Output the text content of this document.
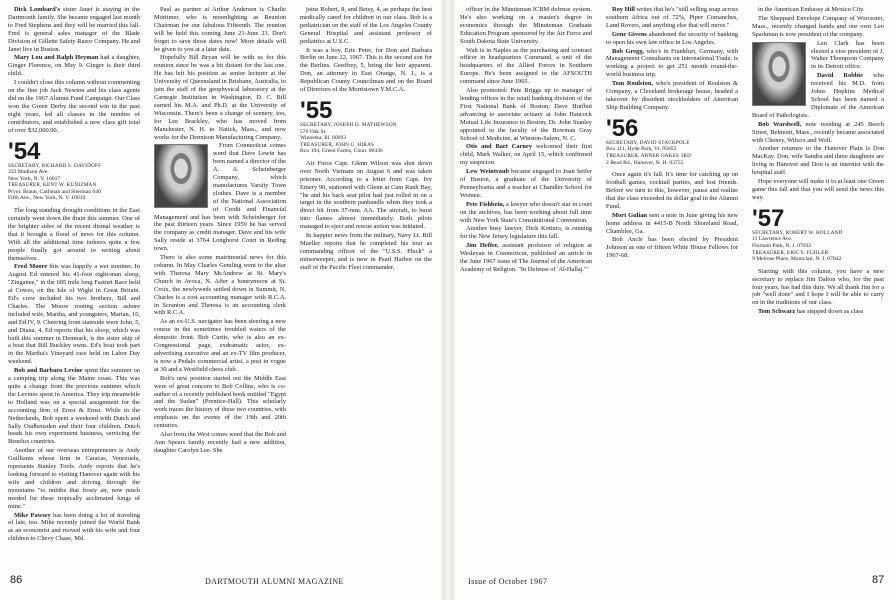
Dick Lombard's sister Janet is staying in the Dartmouth family. She became engaged last month to Fred Stephens and they will be married this fall. Fred is general sales manager of the Blade Division of Gillette Safety Razor Company. He and Janet live in Boston.

Mary Lou and Ralph Heyman had a daughter, Ginger Florence, on May 9. Ginger is their third child.

I couldn't close this column without commenting on the fine job Jack Newton and his class agents did on the 1967 Alumni Fund Campaign. Our Class won the Green Derby the second win in the past eight years, led all classes in the number of contributors, and established a new class gift total of over $32,000.00.

'54
SECRETARY, RICHARD S. DAVIDOFF
333 Madison Ave.
New York, N. Y. 10017
TREASURER, KENT W. KUNIZMAN
Pryor, Braun, Cashman and Sherman 640 Fifth Ave., New York, N. Y. 10019

The long standing drought conditions in the East certainly went down the drain this summer. One of the brighter sides of the recent dismal weather is that it brought a flood of news for this column. With all the additional time indoors quite a few people finally got around to writing about themselves.

Fred Moore this was happily a wet summer. In August Ed entered his 41-foot eight-man sloop, "Zinganee," in the 605 mile long Fastnet Race held at Cowes, on the Isle of Wight in Great Britain. Ed's crew included his two brothers, Bill and Charles. The Moore rooting section ashore included wife, Martha, and youngsters, Marian, 10, and Ed IV, 9. Cheering from stateside were John, 5, and Diana, 4. Ed reports that his sloop, which was built this summer in Denmark, is the sister ship of a boat that Bill Buckley owns. Ed's boat took part in the Martha's Vineyard race held on Labor Day weekend.

Bob and Barbara Levine spent this summer on a camping trip along the Maine coast. This was quite a change from the previous summer which the Levines spent in America. They trip meanwhile to Holland was on a special assignment for the accounting firm of Ernst & Ernst. While in the Netherlands, Bob spent a weekend with Dutch and Sally Oudheusden and their four children. Dutch heads his own experiment business, servicing the Benelux countries.

Another of our overseas entrepreneurs is Andy Guilliams whose firm in Caracas, Venezuela, represents Stanley Tools. Andy reports that he's looking forward to visiting Hanover again with his wife and children and driving through the mountains "to imbibe that frosty air, now much needed for these tropically acclimated lungs of mine."

Mike Pawsey has been doing a lot of traveling of late, too. Mike recently joined the World Bank as an economist and moved with his wife and four children to Chevy Chase, Md.

Paul as partner at Arthur Andersen is Charlie Mortimer, who is moonlighting as Reunion Chairman for our fabulous Fifteenth. The reunion will be held this coming June 21-June 23. Don't forget to save those dates now! More details will be given to you at a later date.

Hopefully Bill Bryan will be with us for this reunion since he was a bit distant for the last one. He has left his position as senior lecturer at the University of Queensland in Brisbane, Australia, to join the staff of the geophysical laboratory at the Carnegie Institution in Washington, D. C. Bill earned his M.A. and Ph.D. at the University of Wisconsin. There's been a change of scenery, too, for Lee Brackley, who has moved from Manchester, N. H. to Natick, Mass., and now works for the Dennison Manufacturing Company.

From Connecticut comes word that Dave Lewin has been named a director of the A. A. Scheinberger Company, which manufactures Varsity Town clothes. Dave is a member of the National Association of Credit and Financial Management and has been with Scheinberger for the past thirteen years. Since 1959 he has served the company as credit manager. Dave and his wife Sally reside at 3764 Longhorst Court in Reding town.

There is also some matrimonial news for this column. In May Charles Gemling went to the altar with Theresa Mary McAndrew at St. Mary's Church in Avoca, N. After a honeymoon at St. Croix, the newlyweds settled down in Summit, N. Charles is a cost accounting manager with R.C.A. in Scranton and Theresa is an accounting clerk with R.C.A.

As an ex-U.S. navigator has been steering a new course in the sometimes troubled waters of the domestic front. Bob Curtis, who is also an ex-Congressional page, exdramatic actor, ex-advertising executive and an ex-TV film producer, is now a Pedalo commercial artist, a post in vogue at 30 and a Westfield chess club.

Bob's new position started out the Middle East were of great concern to Bob Collins, who is co-author of a recently published book entitled "Egypt and the Sudan" (Prentice-Hall). This scholarly work traces the history of these two countries, with emphasis on the events of the 19th and 20th centuries.

Also from the West comes word that the Bob and Ann Spears family recently had a new addition, daughter Carolyn Lee. She

joins Robert, 8, and Betsy, 4, as perhaps the best medically cared for children in our class. Bob is a pediatrician on the staff of the Los Angeles County General Hospital and assistant professor of pediatrics at U.S.C.

It was a boy, Eric Peter, for Don and Barbara Berlin on June 22, 1967. This is the second son for the Berlins. Geoffrey, 5, being the heir apparent. Don, an attorney in East Orange, N. J., is a Republican County Councilman and on the Board of Directors of the Morristown Y.M.C.A.

'55
SECRETARY, JOSEPH D. MATHEWSON
576 Oak St.
Winnetka, Ill. 60093
TREASURER, JOHN G. HIRAS
Box 194, Green Farms, Conn. 06436

Air Force Capt. Glenn Wilson was shot down over North Vietnam on August 6 and was taken prisoner. According to a letter from Capt. Ivy Emery 90, stationed with Glenn at Cam Ranh Bay, "he and his back seat pilot had just rolled in on a target in the southern panhandle when they took a direct hit from 37-mm. AA. The aircraft, to burst into flames almost immediately. Both pilots managed to eject and rescue action was initiated.

In happier news from the military, Navy Lt. Bill Mueller reports that he completed his tour as commanding officer of the "U.S.S. Pluck" a minesweeper, and is now in Pearl Harbor on the staff of the Pacific Fleet commander.

86	DARTMOUTH ALUMNI MAGAZINE

officer in the Minuteman ICBM defense system. He's also working on a master's degree in economics through the Minuteman Graduate Education Program sponsored by the Air Force and South Dakota State University.

Walt is in Naples as the purchasing and contract officer in headquarters Command, a unit of the headquarters of the Allied Forces in Southern Europe. He's been assigned to the AFSOUTH command since June 1965.

Also promoted: Pete Briggs up to manager of lending offices in the retail banking division of the First National Bank of Boston; Dave Hurlbut advancing to associate actuary at John Hancock Mutual Life Insurance in Boston; Dr. John Stanley appointed to the faculty of the Bowman Gray School of Medicine, at Winston-Salem, N. C.

Otis and Bart Carney welcomed their first child, Mark Walker, on April 15, which confirmed my suspicion.

Lew Weintraub became engaged to Joan Seifer of Boston, a graduate of the University of Pennsylvania and a teacher at Chandler School for Women.

Pete Fishbein, a lawyer who doesn't star in court on the archives, has been working about full time with New York State's Constitutional Convention.

Another busy lawyer, Dick Kotturo, is running for the New Jersey legislature this fall.

Jim Heffer, assistant professor of religion at Wesleyan in Connecticut, published an article in the June 1967 issue of The Journal of the American Academy of Religion. "In Defense of 'Al-Hallaj.'"

Roy Hill writes that he's "still selling soap across southern Africa out of 72%, Piper Comanches, Land Rovers, and anything else that will move."

Gene Givens abandoned the security of banking to open his own law office in Los Angeles.

Bob Gregg, who's in Frankfurt, Germany, with Management Consultants on International Trade, is working a project to get 251 month round-the-world business trip.

Tom Roulston, who's president of Roulston & Company, a Cleveland brokerage house, headed a takeover by dissident stockholders of American Ship Building Company.

'56
SECRETARY, DAVID STACKPOLE
Box 111, Hyde Park, Vt. 05655
TREASURER, ARNER OAKES 3RD
2 Read Rd., Hanover, N. H. 03755

Once again it's fall. It's time for catching up on football games, cocktail parties, and lost friends. Before we turn to this, however, pause and realize that the class exceeded its dollar goal in the Alumni Fund.

Mort Gulian sent a note in June giving his new home address in 4415-B North Shoreland Road, Chamblee, Ga.

Bob Ancle has been elected by President Johnson as one of fifteen White House Fellows for 1967-68.

in the American Embassy at Mexico City.

The Sheppard Envelope Company of Worcester, Mass., recently changed hands and our own Leo Sparkman is now president of the company.

Len Clark has been elected a vice president of J. Walter Thompson Company in its Detroit office.

David Robbie who received his M.D. from Johns Hopkins Medical School has been named a Diplomate of the American Board of Pathologists.

Bob Wardwell, now residing at 245 Beech Street, Belmont, Mass., recently became associated with Cheney, Wilcox and Wolf.

Another returnee to the Hanover Plain is Don MacKay. Don, wife Sandra and three daughters are living in Hanover and Don is an internist with the hospital staff.

Hope everyone will make it to at least one Green game this fall and that you will send the news this way.

'57
SECRETARY, ROBERT W. HOLLAND
11 Lawrence Ave.
Florham Park, N. J. 07932
TREASURER, ERIC'S. FUHLER
9 Melrose Place, Montclair, N. J. 07042

Starting with this column, you have a new secretary to replace Jim Dalton who, for the past four years, has had this duty. We all thank Jim for a job "well done" and I hope I will be able to carry on in the traditions of our class.

Tom Schwarz has stepped down as class

Issue of October 1967	87
